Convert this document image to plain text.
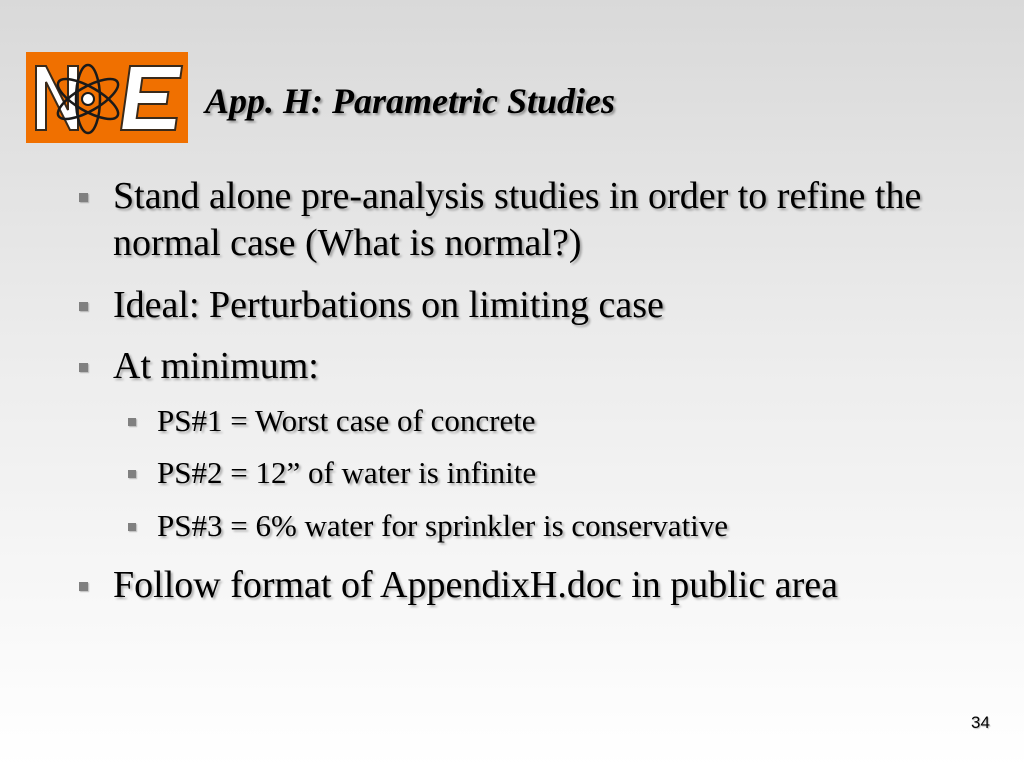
App. H: Parametric Studies
Stand alone pre-analysis studies in order to refine the normal case (What is normal?)
Ideal: Perturbations on limiting case
At minimum:
PS#1 = Worst case of concrete
PS#2 = 12” of water is infinite
PS#3 = 6% water for sprinkler is conservative
Follow format of AppendixH.doc in public area
34
